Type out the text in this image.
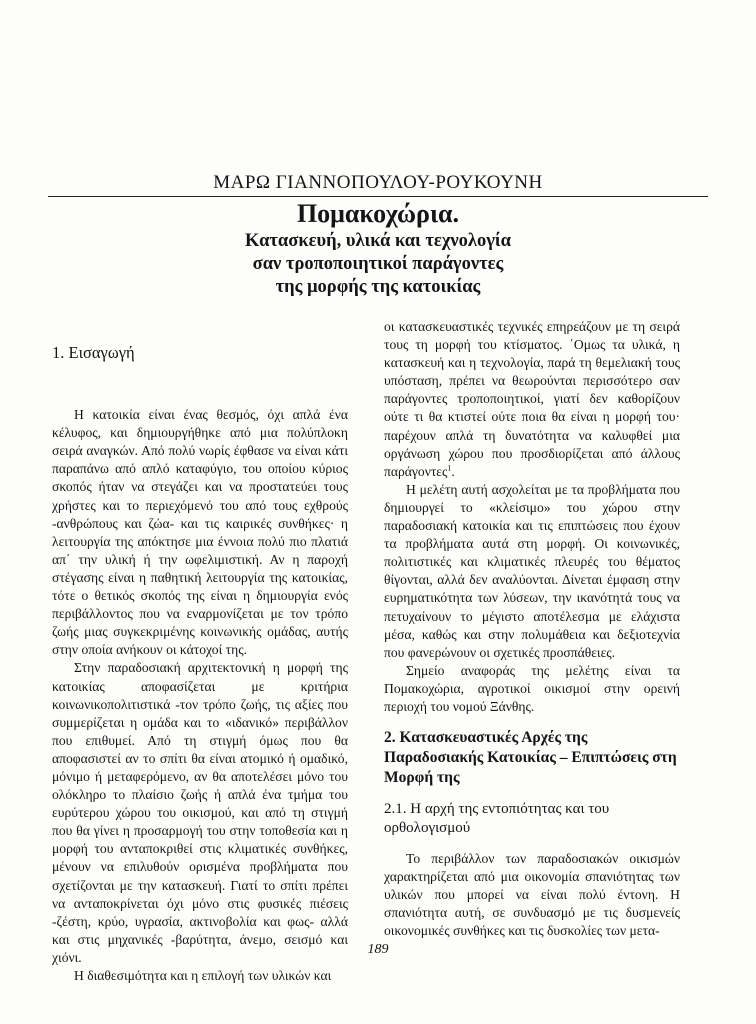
ΜΑΡΩ ΓΙΑΝΝΟΠΟΥΛΟΥ-ΡΟΥΚΟΥΝΗ
Πομακοχώρια.
Κατασκευή, υλικά και τεχνολογία
σαν τροποποιητικοί παράγοντες
της μορφής της κατοικίας
1. Εισαγωγή

Η κατοικία είναι ένας θεσμός, όχι απλά ένα κέλυφος, και δημιουργήθηκε από μια πολύπλοκη σειρά αναγκών. Από πολύ νωρίς έφθασε να είναι κάτι παραπάνω από απλό καταφύγιο, του οποίου κύριος σκοπός ήταν να στεγάζει και να προστατεύει τους χρήστες και το περιεχόμενό του από τους εχθρούς -ανθρώπους και ζώα- και τις καιρικές συνθήκες· η λειτουργία της απόκτησε μια έννοια πολύ πιο πλατιά απ΄ την υλική ή την ωφελιμιστική. Αν η παροχή στέγασης είναι η παθητική λειτουργία της κατοικίας, τότε ο θετικός σκοπός της είναι η δημιουργία ενός περιβάλλοντος που να εναρμονίζεται με τον τρόπο ζωής μιας συγκεκριμένης κοινωνικής ομάδας, αυτής στην οποία ανήκουν οι κάτοχοί της.

Στην παραδοσιακή αρχιτεκτονική η μορφή της κατοικίας αποφασίζεται με κριτήρια κοινωνικοπολιτιστικά -τον τρόπο ζωής, τις αξίες που συμμερίζεται η ομάδα και το «ιδανικό» περιβάλλον που επιθυμεί. Από τη στιγμή όμως που θα αποφασιστεί αν το σπίτι θα είναι ατομικό ή ομαδικό, μόνιμο ή μεταφερόμενο, αν θα αποτελέσει μόνο του ολόκληρο το πλαίσιο ζωής ή απλά ένα τμήμα του ευρύτερου χώρου του οικισμού, και από τη στιγμή που θα γίνει η προσαρμογή του στην τοποθεσία και η μορφή του ανταποκριθεί στις κλιματικές συνθήκες, μένουν να επιλυθούν ορισμένα προβλήματα που σχετίζονται με την κατασκευή. Γιατί το σπίτι πρέπει να ανταποκρίνεται όχι μόνο στις φυσικές πιέσεις -ζέστη, κρύο, υγρασία, ακτινοβολία και φως- αλλά και στις μηχανικές -βαρύτητα, άνεμο, σεισμό και χιόνι.

Η διαθεσιμότητα και η επιλογή των υλικών και

οι κατασκευαστικές τεχνικές επηρεάζουν με τη σειρά τους τη μορφή του κτίσματος. ΄Ομως τα υλικά, η κατασκευή και η τεχνολογία, παρά τη θεμελιακή τους υπόσταση, πρέπει να θεωρούνται περισσότερο σαν παράγοντες τροποποιητικοί, γιατί δεν καθορίζουν ούτε τι θα κτιστεί ούτε ποια θα είναι η μορφή του· παρέχουν απλά τη δυνατότητα να καλυφθεί μια οργάνωση χώρου που προσδιορίζεται από άλλους παράγοντες$^1$.

Η μελέτη αυτή ασχολείται με τα προβλήματα που δημιουργεί το «κλείσιμο» του χώρου στην παραδοσιακή κατοικία και τις επιπτώσεις που έχουν τα προβλήματα αυτά στη μορφή. Οι κοινωνικές, πολιτιστικές και κλιματικές πλευρές του θέματος θίγονται, αλλά δεν αναλύονται. Δίνεται έμφαση στην ευρηματικότητα των λύσεων, την ικανότητά τους να πετυχαίνουν το μέγιστο αποτέλεσμα με ελάχιστα μέσα, καθώς και στην πολυμάθεια και δεξιοτεχνία που φανερώνουν οι σχετικές προσπάθειες.

Σημείο αναφοράς της μελέτης είναι τα Πομακοχώρια, αγροτικοί οικισμοί στην ορεινή περιοχή του νομού Ξάνθης.

2. Κατασκευαστικές Αρχές της Παραδοσιακής Κατοικίας – Επιπτώσεις στη Μορφή της
2.1. Η αρχή της εντοπιότητας και του ορθολογισμού

Το περιβάλλον των παραδοσιακών οικισμών χαρακτηρίζεται από μια οικονομία σπανιότητας των υλικών που μπορεί να είναι πολύ έντονη. Η σπανιότητα αυτή, σε συνδυασμό με τις δυσμενείς οικονομικές συνθήκες και τις δυσκολίες των μετα-

189
